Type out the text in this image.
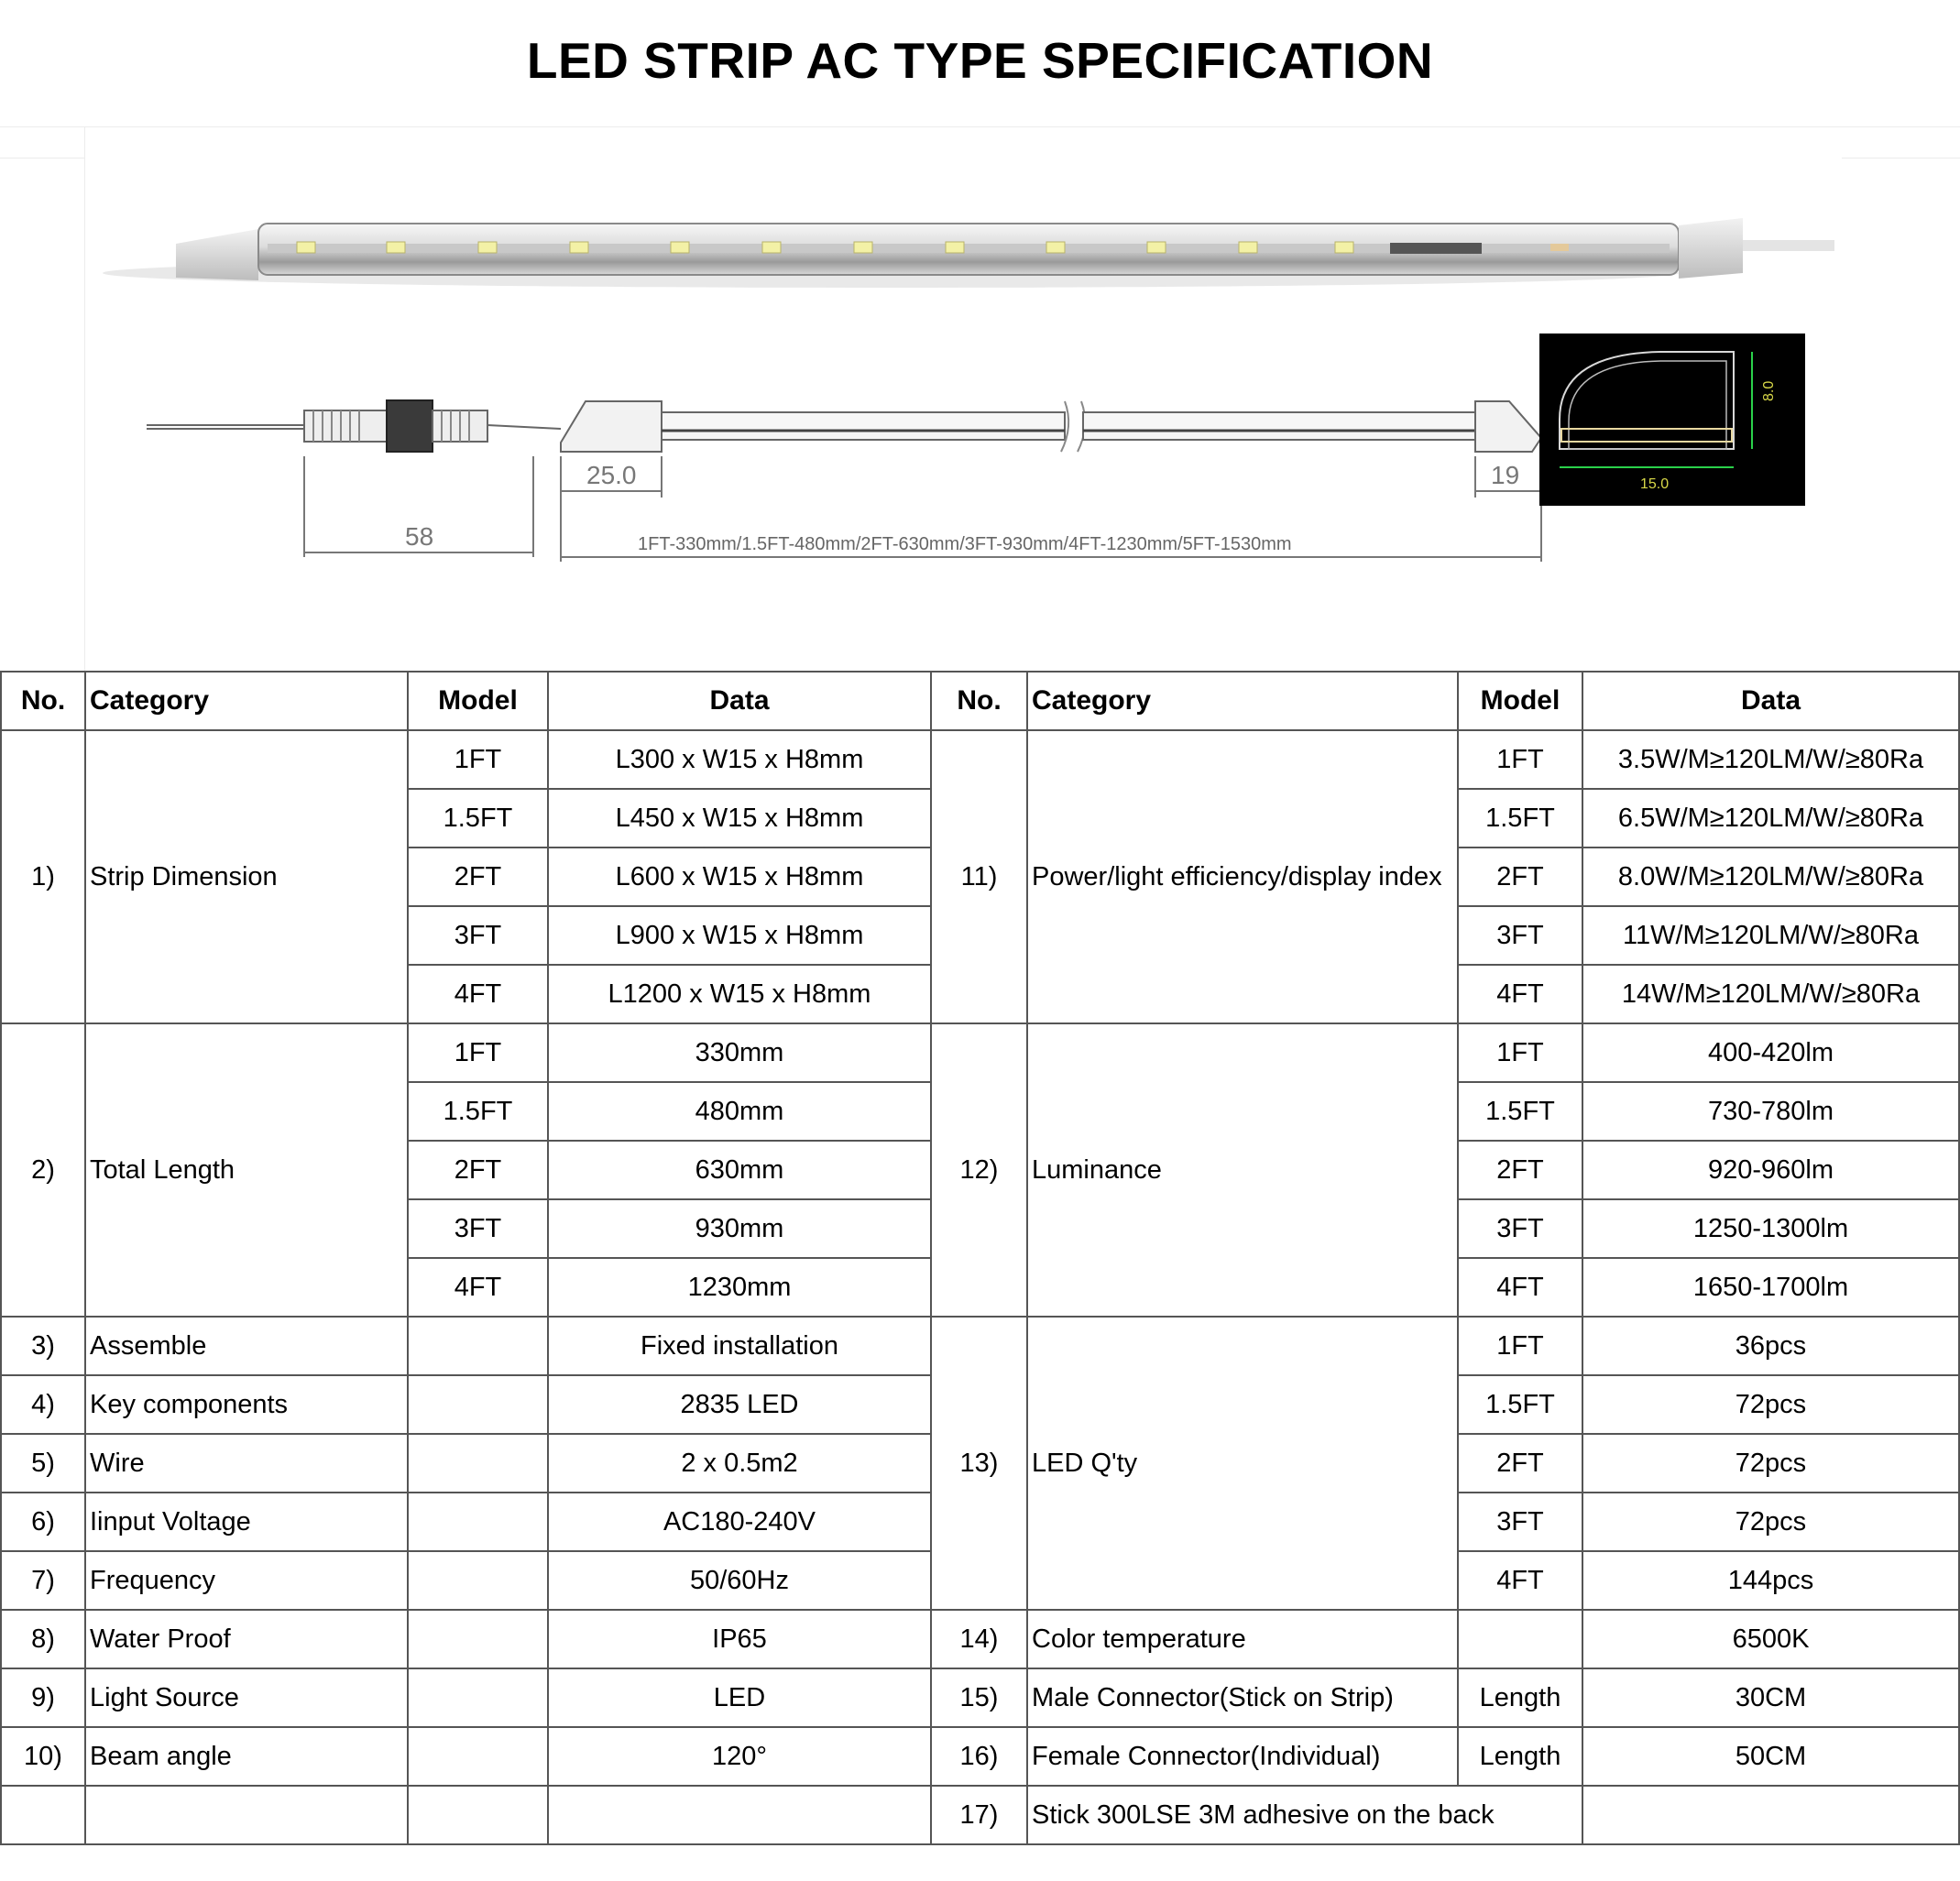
LED STRIP AC TYPE SPECIFICATION
58
25.0	19
1FT-330mm/1.5FT-480mm/2FT-630mm/3FT-930mm/4FT-1230mm/5FT-1530mm
15.0
8.0
No.	Category	Model	Data	No.	Category	Model	Data
1)	Strip Dimension	1FT	L300 x W15 x H8mm	11)	Power/light efficiency/display index	1FT	3.5W/M≥120LM/W/≥80Ra
		1.5FT	L450 x W15 x H8mm			1.5FT	6.5W/M≥120LM/W/≥80Ra
		2FT	L600 x W15 x H8mm			2FT	8.0W/M≥120LM/W/≥80Ra
		3FT	L900 x W15 x H8mm			3FT	11W/M≥120LM/W/≥80Ra
		4FT	L1200 x W15 x H8mm			4FT	14W/M≥120LM/W/≥80Ra
2)	Total Length	1FT	330mm	12)	Luminance	1FT	400-420lm
		1.5FT	480mm			1.5FT	730-780lm
		2FT	630mm			2FT	920-960lm
		3FT	930mm			3FT	1250-1300lm
		4FT	1230mm			4FT	1650-1700lm
3)	Assemble		Fixed installation	13)	LED Q'ty	1FT	36pcs
4)	Key components		2835 LED			1.5FT	72pcs
5)	Wire		2 x 0.5m2			2FT	72pcs
6)	Iinput Voltage		AC180-240V			3FT	72pcs
7)	Frequency		50/60Hz			4FT	144pcs
8)	Water Proof		IP65	14)	Color temperature		6500K
9)	Light Source		LED	15)	Male Connector(Stick on Strip)	Length	30CM
10)	Beam angle		120°	16)	Female Connector(Individual)	Length	50CM
				17)	Stick 300LSE 3M adhesive on the back		
